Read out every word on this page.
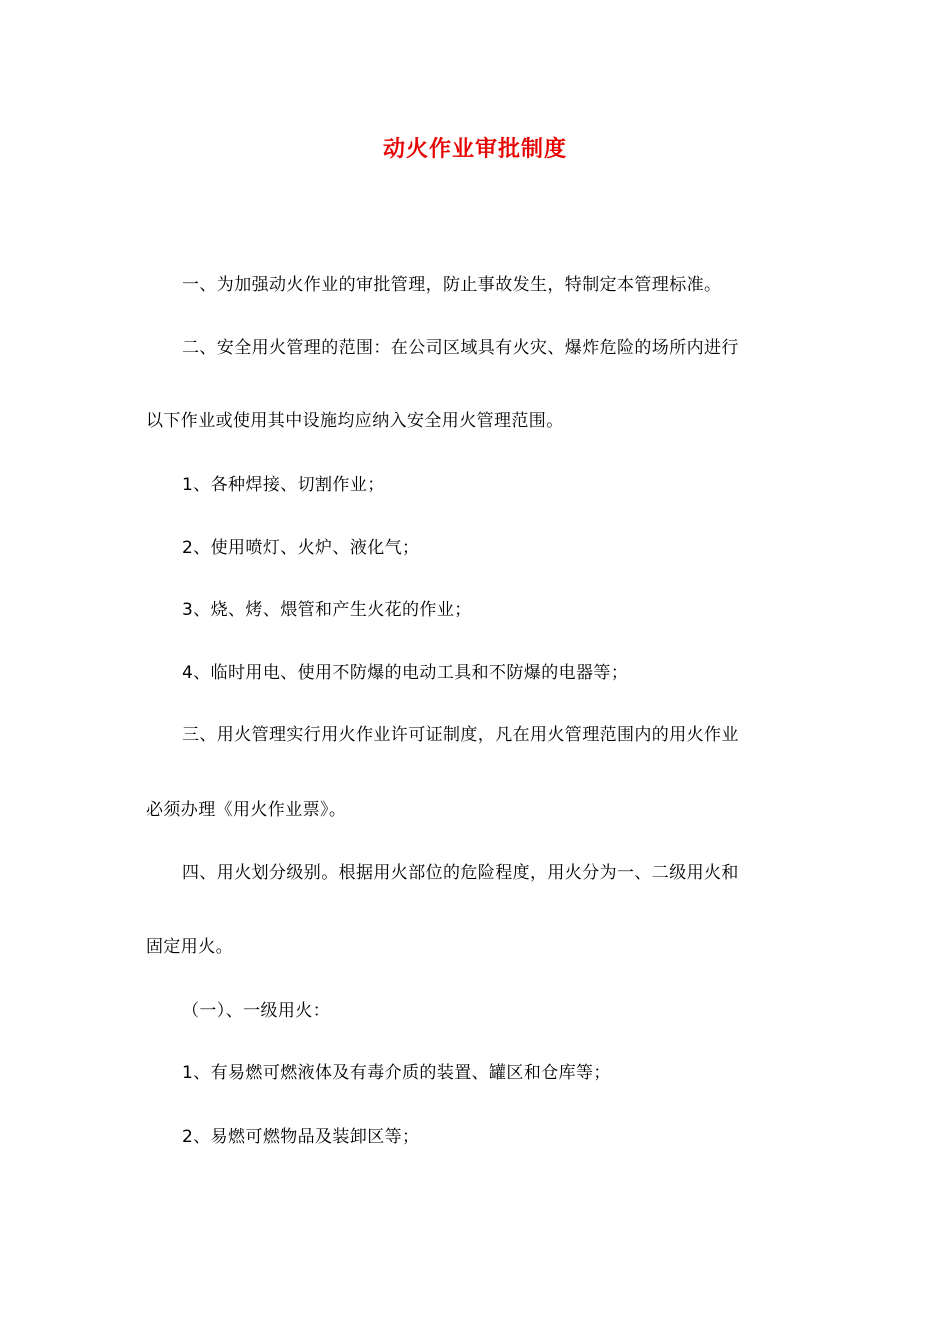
动火作业审批制度
一、为加强动火作业的审批管理，防止事故发生，特制定本管理标准。
二、安全用火管理的范围：在公司区域具有火灾、爆炸危险的场所内进行
以下作业或使用其中设施均应纳入安全用火管理范围。
1、各种焊接、切割作业；
2、使用喷灯、火炉、液化气；
3、烧、烤、煨管和产生火花的作业；
4、临时用电、使用不防爆的电动工具和不防爆的电器等；
三、用火管理实行用火作业许可证制度，凡在用火管理范围内的用火作业
必须办理《用火作业票》。
四、用火划分级别。根据用火部位的危险程度，用火分为一、二级用火和
固定用火。
（一）、一级用火：
1、有易燃可燃液体及有毒介质的装置、罐区和仓库等；
2、易燃可燃物品及装卸区等；
